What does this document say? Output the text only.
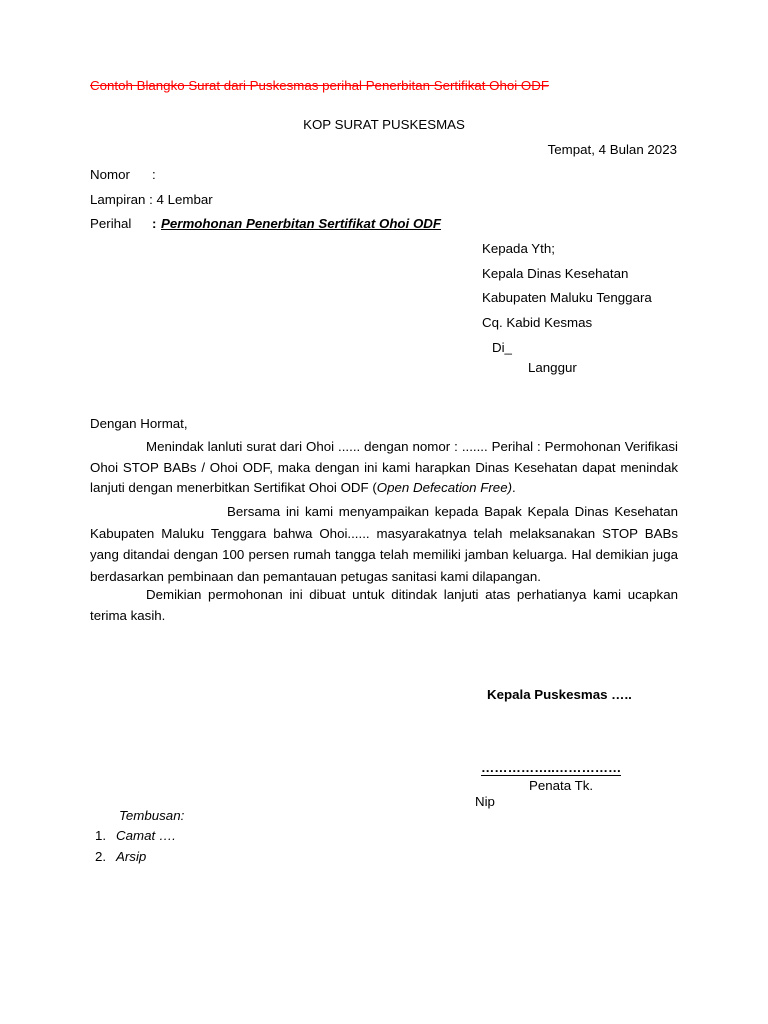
Contoh Blangko Surat dari Puskesmas perihal Penerbitan Sertifikat Ohoi ODF
KOP SURAT PUSKESMAS
Tempat, 4 Bulan 2023
Nomor :
Lampiran : 4 Lembar
Perihal : Permohonan Penerbitan Sertifikat Ohoi ODF
Kepada Yth;
Kepala Dinas Kesehatan
Kabupaten Maluku Tenggara
Cq. Kabid Kesmas
Di_
Langgur
Dengan Hormat,
Menindak lanluti surat dari Ohoi ...... dengan nomor : ....... Perihal : Permohonan Verifikasi Ohoi STOP BABs / Ohoi ODF, maka dengan ini kami harapkan Dinas Kesehatan dapat menindak lanjuti dengan menerbitkan Sertifikat Ohoi ODF (Open Defecation Free).
Bersama ini kami menyampaikan kepada Bapak Kepala Dinas Kesehatan Kabupaten Maluku Tenggara bahwa Ohoi...... masyarakatnya telah melaksanakan STOP BABs yang ditandai dengan 100 persen rumah tangga telah memiliki jamban keluarga. Hal demikian juga berdasarkan pembinaan dan pemantauan petugas sanitasi kami dilapangan.
Demikian permohonan ini dibuat untuk ditindak lanjuti atas perhatianya kami ucapkan terima kasih.
Kepala Puskesmas …..
……………..……………
Penata Tk.
Nip
Tembusan:
1. Camat ….
2. Arsip
